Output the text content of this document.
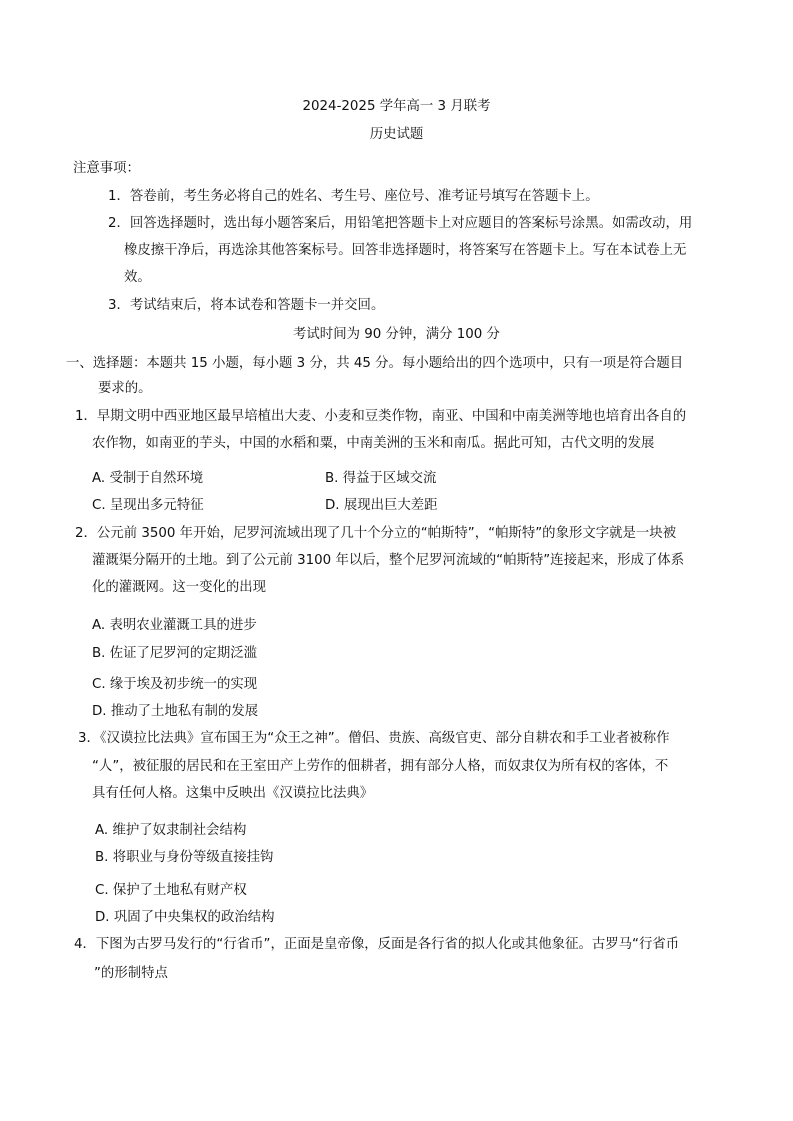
2024-2025 学年高一 3 月联考
历史试题
注意事项：
1．答卷前，考生务必将自己的姓名、考生号、座位号、准考证号填写在答题卡上。
2．回答选择题时，选出每小题答案后，用铅笔把答题卡上对应题目的答案标号涂黑。如需改动，用
橡皮擦干净后，再选涂其他答案标号。回答非选择题时，将答案写在答题卡上。写在本试卷上无
效。
3．考试结束后，将本试卷和答题卡一并交回。
考试时间为 90 分钟，满分 100 分
一、选择题：本题共 15 小题，每小题 3 分，共 45 分。每小题给出的四个选项中，只有一项是符合题目
要求的。
1．早期文明中西亚地区最早培植出大麦、小麦和豆类作物，南亚、中国和中南美洲等地也培育出各自的
农作物，如南亚的芋头，中国的水稻和粟，中南美洲的玉米和南瓜。据此可知，古代文明的发展
A. 受制于自然环境	B. 得益于区域交流
C. 呈现出多元特征	D. 展现出巨大差距
2．公元前 3500 年开始，尼罗河流域出现了几十个分立的“帕斯特”，“帕斯特”的象形文字就是一块被
灌溉渠分隔开的土地。到了公元前 3100 年以后，整个尼罗河流域的“帕斯特”连接起来，形成了体系
化的灌溉网。这一变化的出现
A. 表明农业灌溉工具的进步
B. 佐证了尼罗河的定期泛滥
C. 缘于埃及初步统一的实现
D. 推动了土地私有制的发展
3．《汉谟拉比法典》宣布国王为“众王之神”。僧侣、贵族、高级官吏、部分自耕农和手工业者被称作
“人”，被征服的居民和在王室田产上劳作的佃耕者，拥有部分人格，而奴隶仅为所有权的客体，不
具有任何人格。这集中反映出《汉谟拉比法典》
A. 维护了奴隶制社会结构
B. 将职业与身份等级直接挂钩
C. 保护了土地私有财产权
D. 巩固了中央集权的政治结构
4．下图为古罗马发行的“行省币”，正面是皇帝像，反面是各行省的拟人化或其他象征。古罗马“行省币
”的形制特点
